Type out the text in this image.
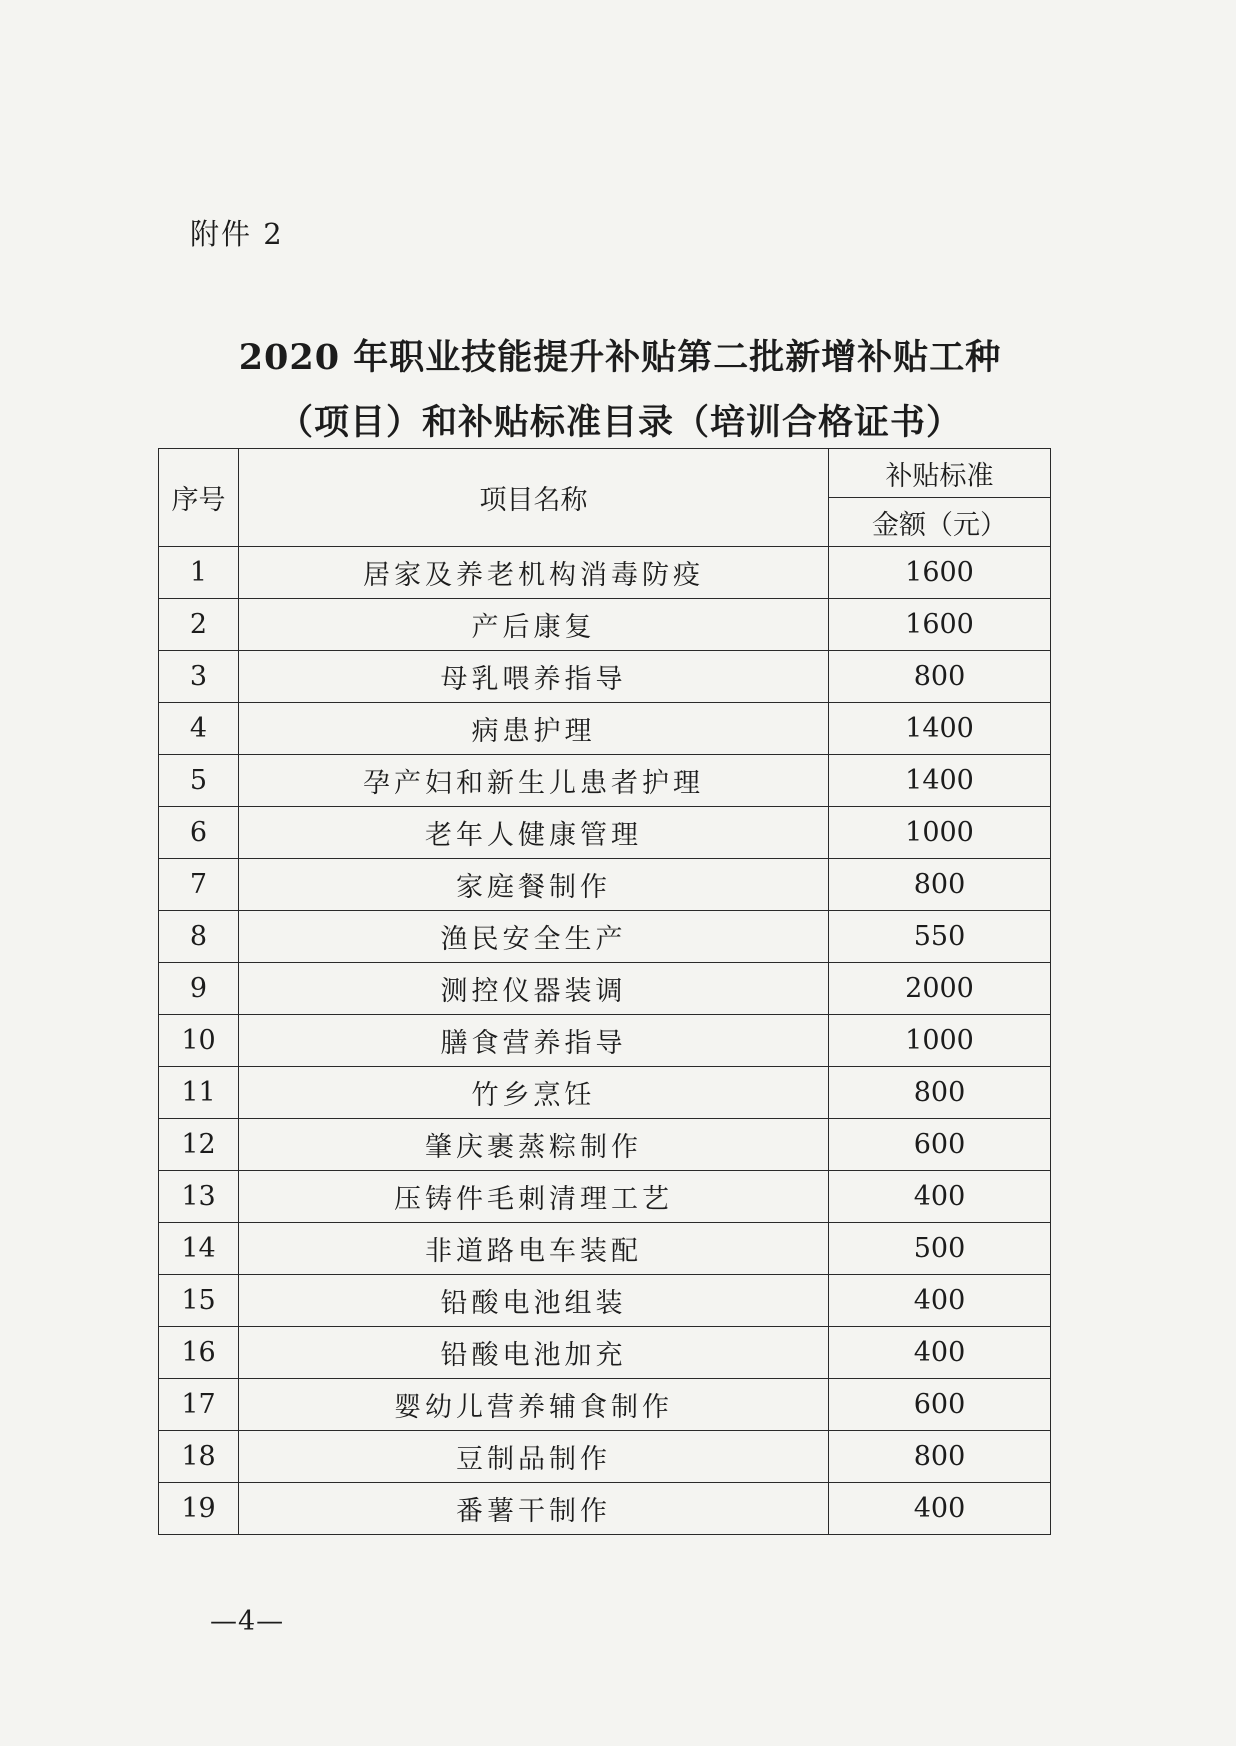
附件 2
2020 年职业技能提升补贴第二批新增补贴工种
（项目）和补贴标准目录（培训合格证书）
序号	项目名称	补贴标准
		金额（元）
1	居家及养老机构消毒防疫	1600
2	产后康复	1600
3	母乳喂养指导	800
4	病患护理	1400
5	孕产妇和新生儿患者护理	1400
6	老年人健康管理	1000
7	家庭餐制作	800
8	渔民安全生产	550
9	测控仪器装调	2000
10	膳食营养指导	1000
11	竹乡烹饪	800
12	肇庆裹蒸粽制作	600
13	压铸件毛刺清理工艺	400
14	非道路电车装配	500
15	铅酸电池组装	400
16	铅酸电池加充	400
17	婴幼儿营养辅食制作	600
18	豆制品制作	800
19	番薯干制作	400
—4—
